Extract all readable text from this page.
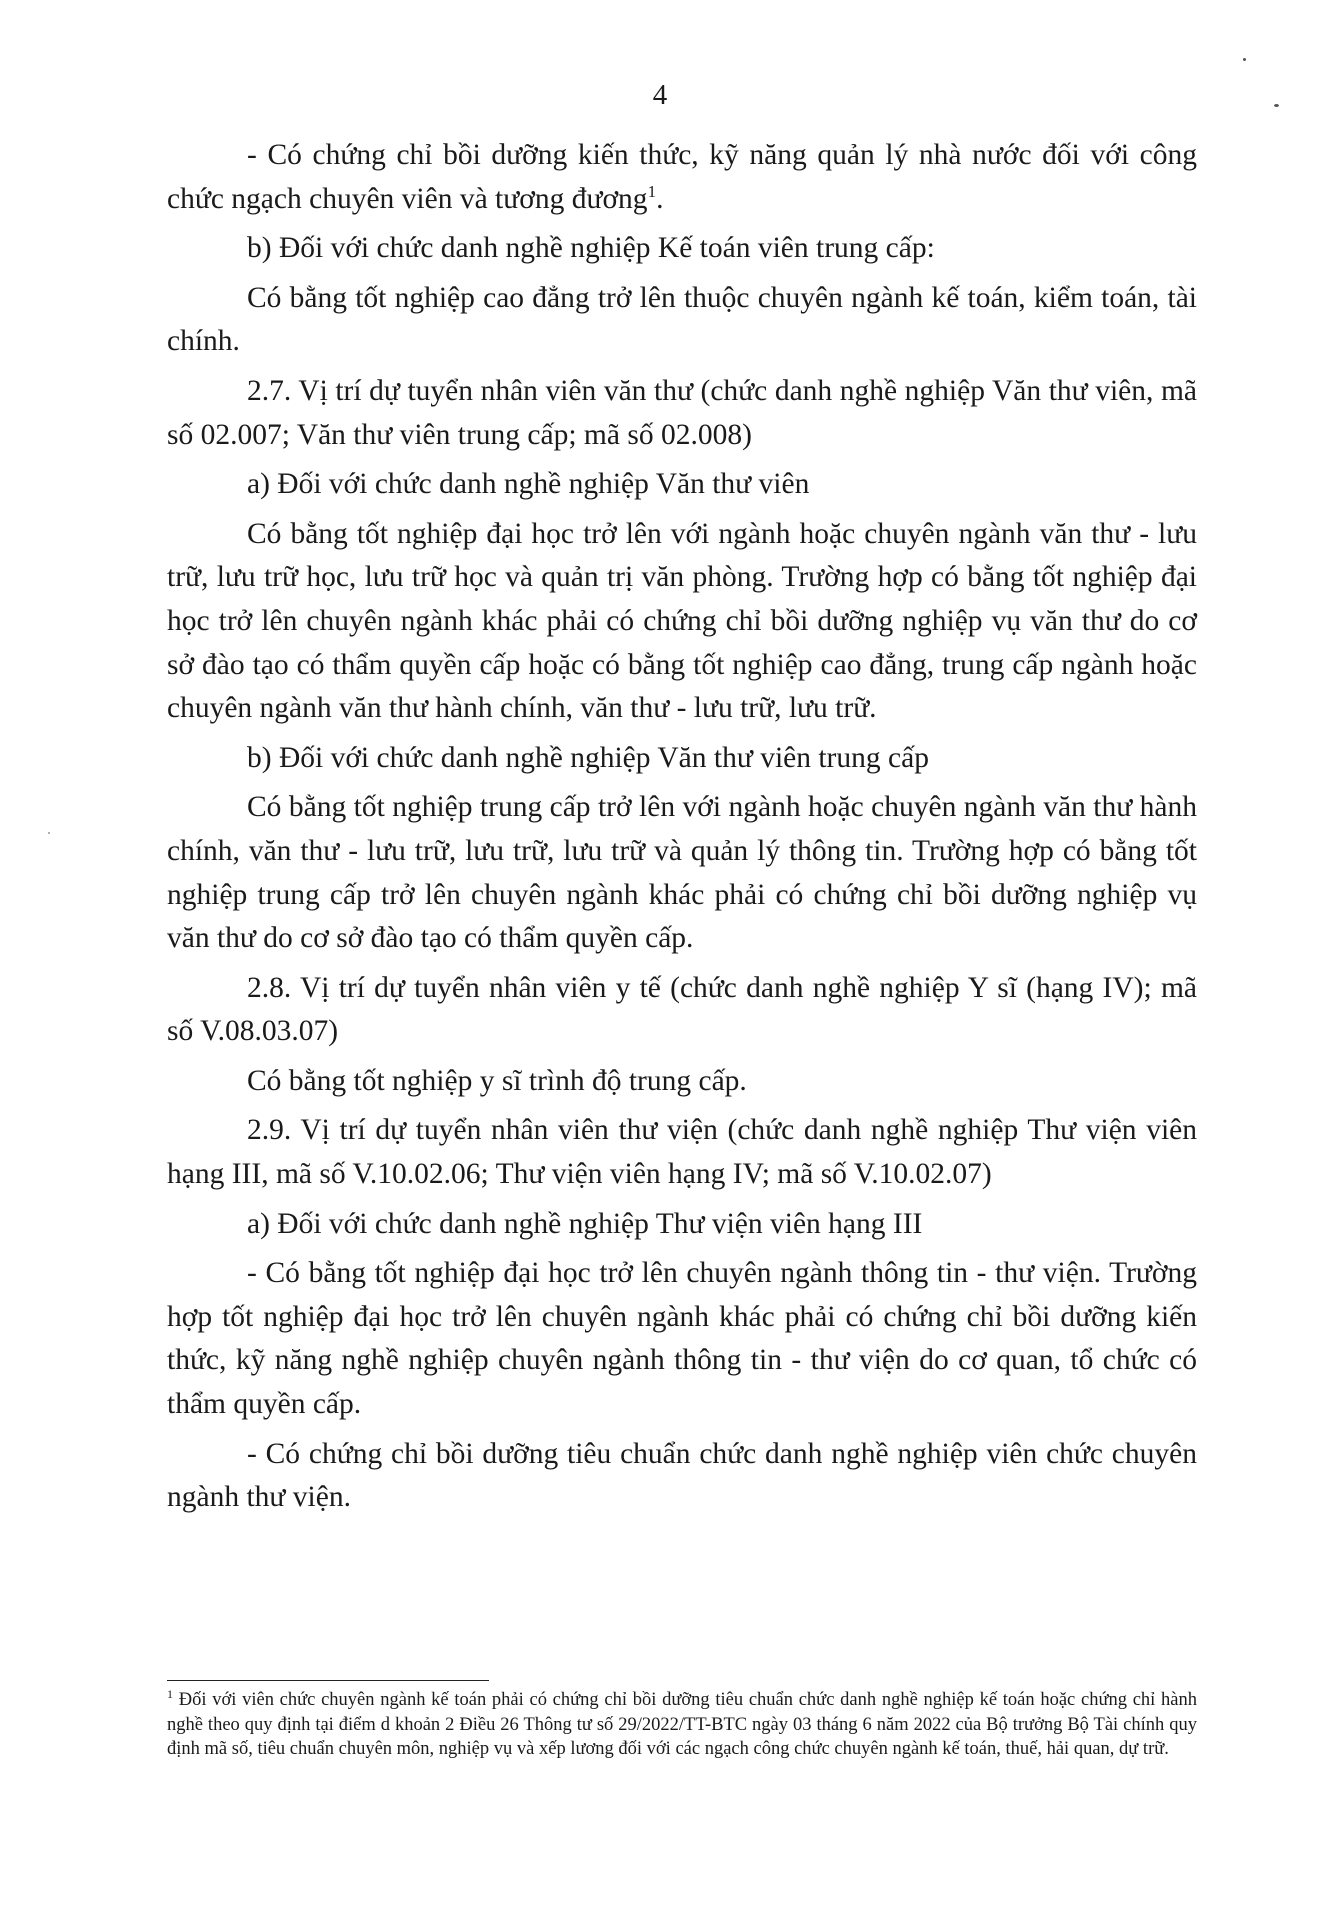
4

- Có chứng chỉ bồi dưỡng kiến thức, kỹ năng quản lý nhà nước đối với công chức ngạch chuyên viên và tương đương$^1$.

b) Đối với chức danh nghề nghiệp Kế toán viên trung cấp:

Có bằng tốt nghiệp cao đẳng trở lên thuộc chuyên ngành kế toán, kiểm toán, tài chính.

2.7. Vị trí dự tuyển nhân viên văn thư (chức danh nghề nghiệp Văn thư viên, mã số 02.007; Văn thư viên trung cấp; mã số 02.008)

a) Đối với chức danh nghề nghiệp Văn thư viên

Có bằng tốt nghiệp đại học trở lên với ngành hoặc chuyên ngành văn thư - lưu trữ, lưu trữ học, lưu trữ học và quản trị văn phòng. Trường hợp có bằng tốt nghiệp đại học trở lên chuyên ngành khác phải có chứng chỉ bồi dưỡng nghiệp vụ văn thư do cơ sở đào tạo có thẩm quyền cấp hoặc có bằng tốt nghiệp cao đẳng, trung cấp ngành hoặc chuyên ngành văn thư hành chính, văn thư - lưu trữ, lưu trữ.

b) Đối với chức danh nghề nghiệp Văn thư viên trung cấp

Có bằng tốt nghiệp trung cấp trở lên với ngành hoặc chuyên ngành văn thư hành chính, văn thư - lưu trữ, lưu trữ, lưu trữ và quản lý thông tin. Trường hợp có bằng tốt nghiệp trung cấp trở lên chuyên ngành khác phải có chứng chỉ bồi dưỡng nghiệp vụ văn thư do cơ sở đào tạo có thẩm quyền cấp.

2.8. Vị trí dự tuyển nhân viên y tế (chức danh nghề nghiệp Y sĩ (hạng IV); mã số V.08.03.07)

Có bằng tốt nghiệp y sĩ trình độ trung cấp.

2.9. Vị trí dự tuyển nhân viên thư viện (chức danh nghề nghiệp Thư viện viên hạng III, mã số V.10.02.06; Thư viện viên hạng IV; mã số V.10.02.07)

a) Đối với chức danh nghề nghiệp Thư viện viên hạng III

- Có bằng tốt nghiệp đại học trở lên chuyên ngành thông tin - thư viện. Trường hợp tốt nghiệp đại học trở lên chuyên ngành khác phải có chứng chỉ bồi dưỡng kiến thức, kỹ năng nghề nghiệp chuyên ngành thông tin - thư viện do cơ quan, tổ chức có thẩm quyền cấp.

- Có chứng chỉ bồi dưỡng tiêu chuẩn chức danh nghề nghiệp viên chức chuyên ngành thư viện.

$^1$ Đối với viên chức chuyên ngành kế toán phải có chứng chỉ bồi dưỡng tiêu chuẩn chức danh nghề nghiệp kế toán hoặc chứng chỉ hành nghề theo quy định tại điểm d khoản 2 Điều 26 Thông tư số 29/2022/TT-BTC ngày 03 tháng 6 năm 2022 của Bộ trưởng Bộ Tài chính quy định mã số, tiêu chuẩn chuyên môn, nghiệp vụ và xếp lương đối với các ngạch công chức chuyên ngành kế toán, thuế, hải quan, dự trữ.
